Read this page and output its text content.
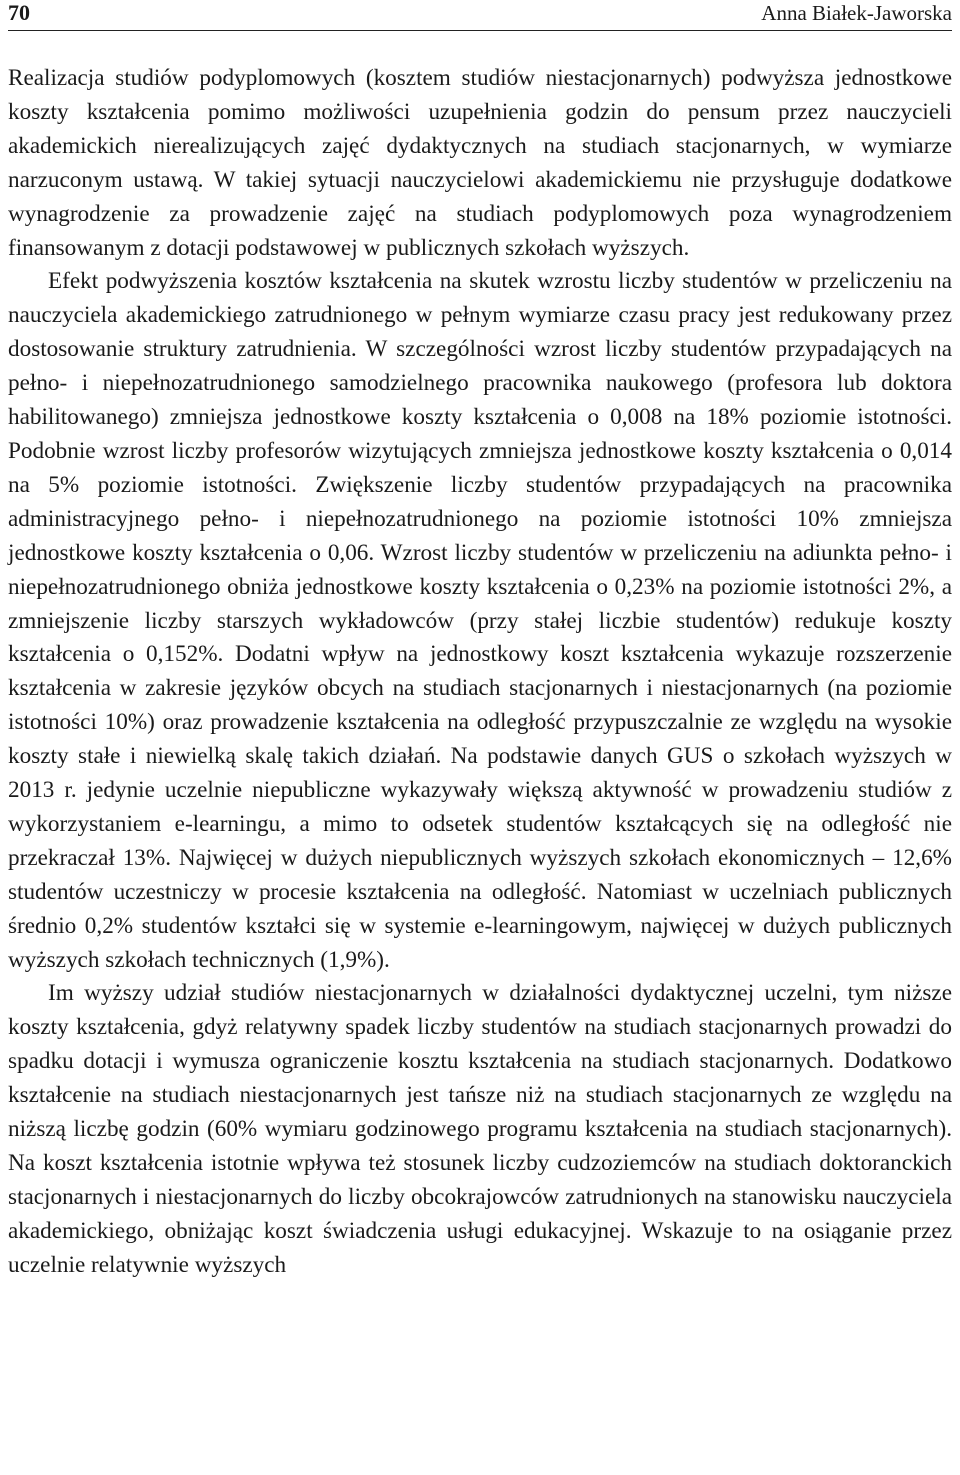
70	Anna Białek-Jaworska

Realizacja studiów podyplomowych (kosztem studiów niestacjonarnych) podwyższa jednostkowe koszty kształcenia pomimo możliwości uzupełnienia godzin do pensum przez nauczycieli akademickich nierealizujących zajęć dydaktycznych na studiach stacjonarnych, w wymiarze narzuconym ustawą. W takiej sytuacji nauczycielowi akademickiemu nie przysługuje dodatkowe wynagrodzenie za prowadzenie zajęć na studiach podyplomowych poza wynagrodzeniem finansowanym z dotacji podstawowej w publicznych szkołach wyższych.

Efekt podwyższenia kosztów kształcenia na skutek wzrostu liczby studentów w przeliczeniu na nauczyciela akademickiego zatrudnionego w pełnym wymiarze czasu pracy jest redukowany przez dostosowanie struktury zatrudnienia. W szczególności wzrost liczby studentów przypadających na pełno- i niepełnozatrudnionego samodzielnego pracownika naukowego (profesora lub doktora habilitowanego) zmniejsza jednostkowe koszty kształcenia o 0,008 na 18% poziomie istotności. Podobnie wzrost liczby profesorów wizytujących zmniejsza jednostkowe koszty kształcenia o 0,014 na 5% poziomie istotności. Zwiększenie liczby studentów przypadających na pracownika administracyjnego pełno- i niepełnozatrudnionego na poziomie istotności 10% zmniejsza jednostkowe koszty kształcenia o 0,06. Wzrost liczby studentów w przeliczeniu na adiunkta pełno- i niepełnozatrudnionego obniża jednostkowe koszty kształcenia o 0,23% na poziomie istotności 2%, a zmniejszenie liczby starszych wykładowców (przy stałej liczbie studentów) redukuje koszty kształcenia o 0,152%. Dodatni wpływ na jednostkowy koszt kształcenia wykazuje rozszerzenie kształcenia w zakresie języków obcych na studiach stacjonarnych i niestacjonarnych (na poziomie istotności 10%) oraz prowadzenie kształcenia na odległość przypuszczalnie ze względu na wysokie koszty stałe i niewielką skalę takich działań. Na podstawie danych GUS o szkołach wyższych w 2013 r. jedynie uczelnie niepubliczne wykazywały większą aktywność w prowadzeniu studiów z wykorzystaniem e-learningu, a mimo to odsetek studentów kształcących się na odległość nie przekraczał 13%. Najwięcej w dużych niepublicznych wyższych szkołach ekonomicznych – 12,6% studentów uczestniczy w procesie kształcenia na odległość. Natomiast w uczelniach publicznych średnio 0,2% studentów kształci się w systemie e-learningowym, najwięcej w dużych publicznych wyższych szkołach technicznych (1,9%).

Im wyższy udział studiów niestacjonarnych w działalności dydaktycznej uczelni, tym niższe koszty kształcenia, gdyż relatywny spadek liczby studentów na studiach stacjonarnych prowadzi do spadku dotacji i wymusza ograniczenie kosztu kształcenia na studiach stacjonarnych. Dodatkowo kształcenie na studiach niestacjonarnych jest tańsze niż na studiach stacjonarnych ze względu na niższą liczbę godzin (60% wymiaru godzinowego programu kształcenia na studiach stacjonarnych). Na koszt kształcenia istotnie wpływa też stosunek liczby cudzoziemców na studiach doktoranckich stacjonarnych i niestacjonarnych do liczby obcokrajowców zatrudnionych na stanowisku nauczyciela akademickiego, obniżając koszt świadczenia usługi edukacyjnej. Wskazuje to na osiąganie przez uczelnie relatywnie wyższych
